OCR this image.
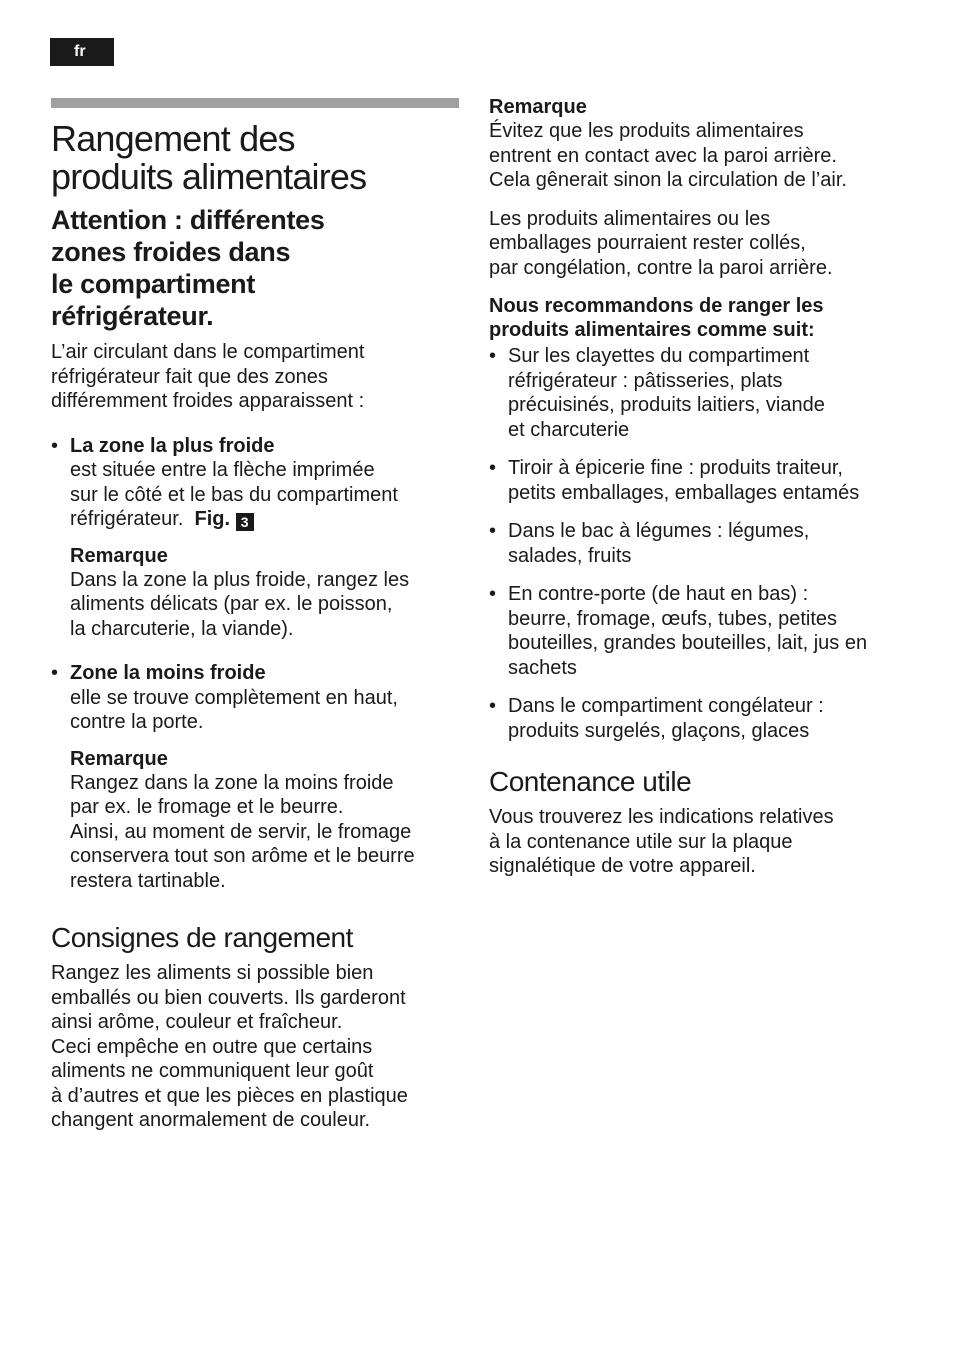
fr
Rangement des
produits alimentaires
Attention : différentes
zones froides dans
le compartiment
réfrigérateur.

L’air circulant dans le compartiment
réfrigérateur fait que des zones
différemment froides apparaissent :

• La zone la plus froide
est située entre la flèche imprimée
sur le côté et le bas du compartiment
réfrigérateur. Fig. 3
Remarque
Dans la zone la plus froide, rangez les
aliments délicats (par ex. le poisson,
la charcuterie, la viande).
• Zone la moins froide
elle se trouve complètement en haut,
contre la porte.
Remarque
Rangez dans la zone la moins froide
par ex. le fromage et le beurre.
Ainsi, au moment de servir, le fromage
conservera tout son arôme et le beurre
restera tartinable.
Consignes de rangement

Rangez les aliments si possible bien
emballés ou bien couverts. Ils garderont
ainsi arôme, couleur et fraîcheur.
Ceci empêche en outre que certains
aliments ne communiquent leur goût
à d’autres et que les pièces en plastique
changent anormalement de couleur.

Remarque

Évitez que les produits alimentaires
entrent en contact avec la paroi arrière.
Cela gênerait sinon la circulation de l’air.

Les produits alimentaires ou les
emballages pourraient rester collés,
par congélation, contre la paroi arrière.

Nous recommandons de ranger les
produits alimentaires comme suit:
• Sur les clayettes du compartiment
réfrigérateur : pâtisseries, plats
précuisinés, produits laitiers, viande
et charcuterie
• Tiroir à épicerie fine : produits traiteur,
petits emballages, emballages entamés
• Dans le bac à légumes : légumes,
salades, fruits
• En contre-porte (de haut en bas) :
beurre, fromage, œufs, tubes, petites
bouteilles, grandes bouteilles, lait, jus en
sachets
• Dans le compartiment congélateur :
produits surgelés, glaçons, glaces
Contenance utile

Vous trouverez les indications relatives
à la contenance utile sur la plaque
signalétique de votre appareil.
